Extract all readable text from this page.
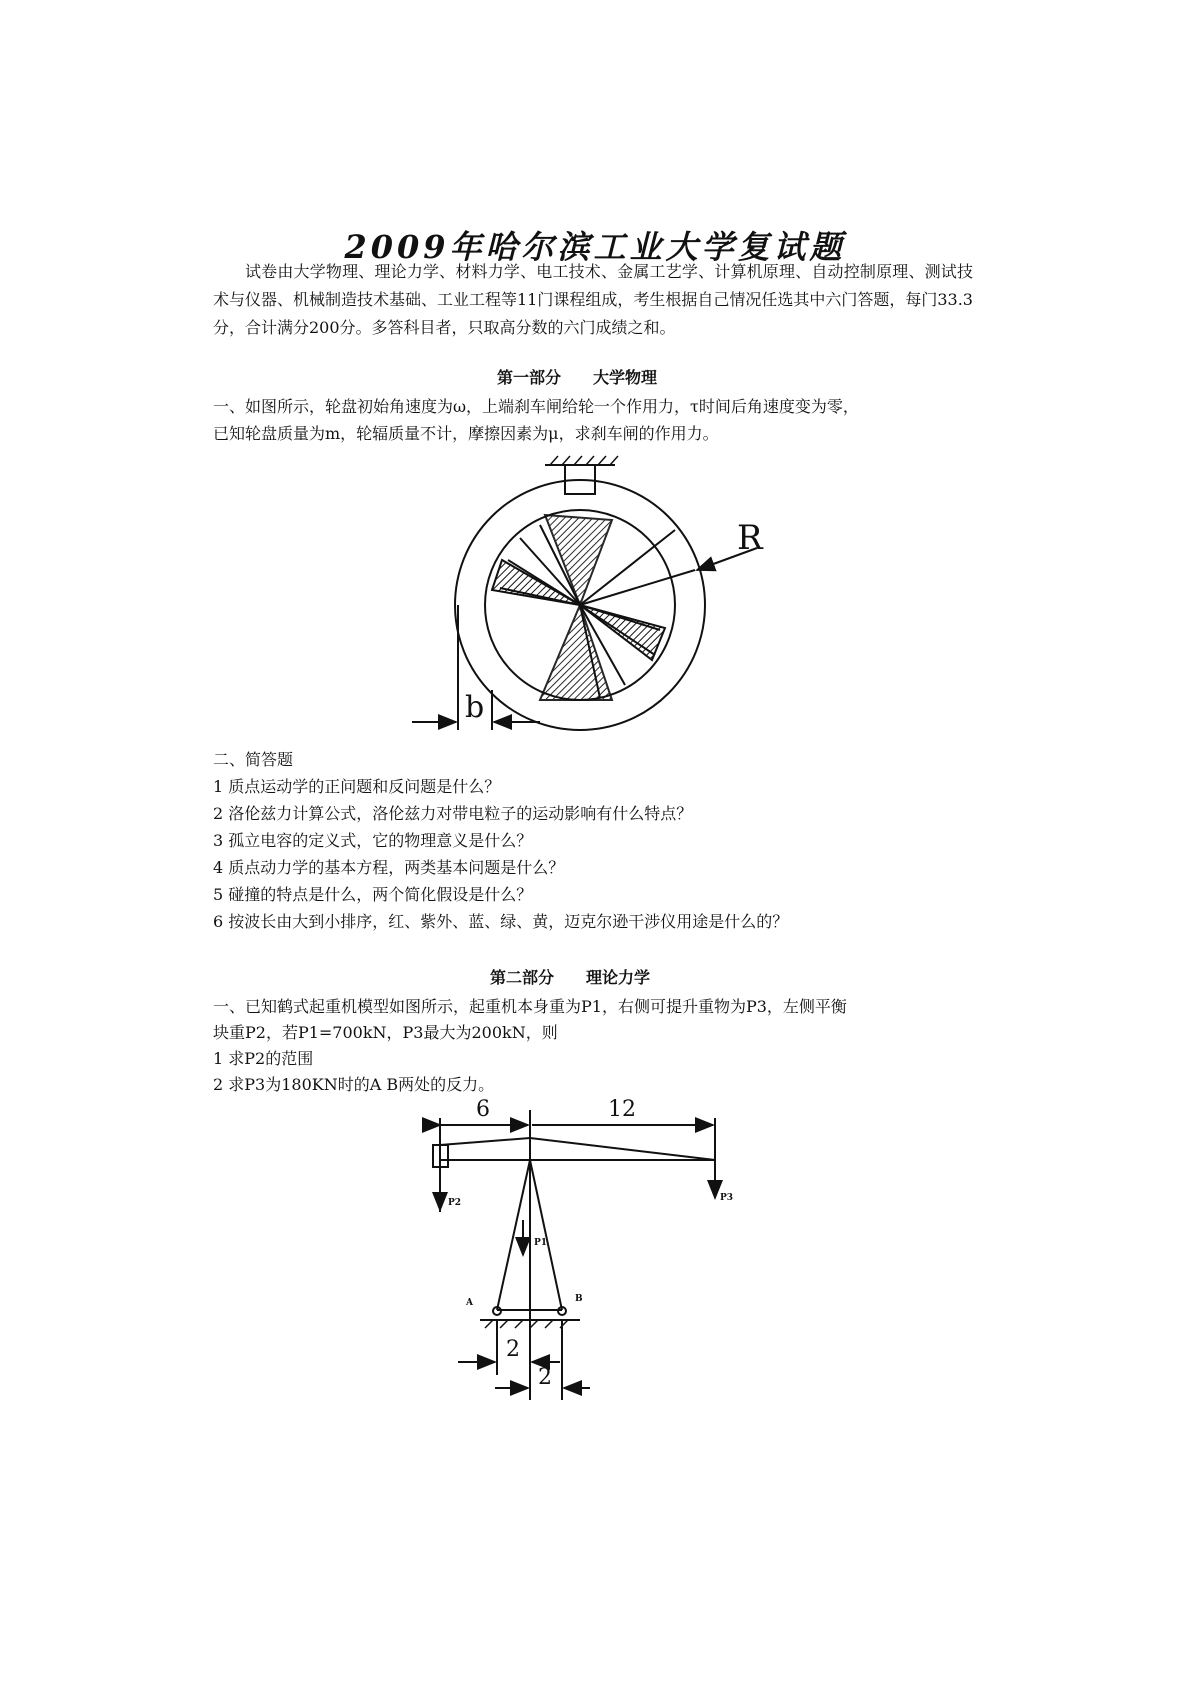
2009年哈尔滨工业大学复试题
试卷由大学物理、理论力学、材料力学、电工技术、金属工艺学、计算机原理、自动控制原理、测试技术与仪器、机械制造技术基础、工业工程等11门课程组成，考生根据自己情况任选其中六门答题，每门33.3分，合计满分200分。多答科目者，只取高分数的六门成绩之和。
第一部分　　大学物理
一、如图所示，轮盘初始角速度为ω，上端刹车闸给轮一个作用力，τ时间后角速度变为零，
已知轮盘质量为m，轮辐质量不计，摩擦因素为μ，求刹车闸的作用力。
R
b
二、简答题
1 质点运动学的正问题和反问题是什么？
2 洛伦兹力计算公式，洛伦兹力对带电粒子的运动影响有什么特点？
3 孤立电容的定义式，它的物理意义是什么？
4 质点动力学的基本方程，两类基本问题是什么？
5 碰撞的特点是什么，两个简化假设是什么？
6 按波长由大到小排序，红、紫外、蓝、绿、黄，迈克尔逊干涉仪用途是什么的？
第二部分　　理论力学
一、已知鹤式起重机模型如图所示，起重机本身重为P1，右侧可提升重物为P3，左侧平衡
块重P2，若P1=700kN，P3最大为200kN，则
1 求P2的范围
2 求P3为180KN时的A B两处的反力。
6	12
P2	P3
P1
A	B
2
2
